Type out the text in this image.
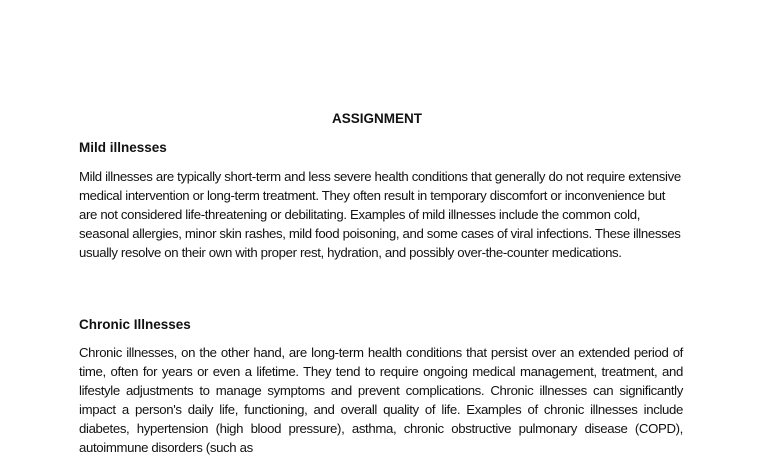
ASSIGNMENT
Mild illnesses

Mild illnesses are typically short-term and less severe health conditions that generally do not require extensive medical intervention or long-term treatment. They often result in temporary discomfort or inconvenience but are not considered life-threatening or debilitating. Examples of mild illnesses include the common cold, seasonal allergies, minor skin rashes, mild food poisoning, and some cases of viral infections. These illnesses usually resolve on their own with proper rest, hydration, and possibly over-the-counter medications.

Chronic Illnesses

Chronic illnesses, on the other hand, are long-term health conditions that persist over an extended period of time, often for years or even a lifetime. They tend to require ongoing medical management, treatment, and lifestyle adjustments to manage symptoms and prevent complications. Chronic illnesses can significantly impact a person's daily life, functioning, and overall quality of life. Examples of chronic illnesses include diabetes, hypertension (high blood pressure), asthma, chronic obstructive pulmonary disease (COPD), autoimmune disorders (such as
